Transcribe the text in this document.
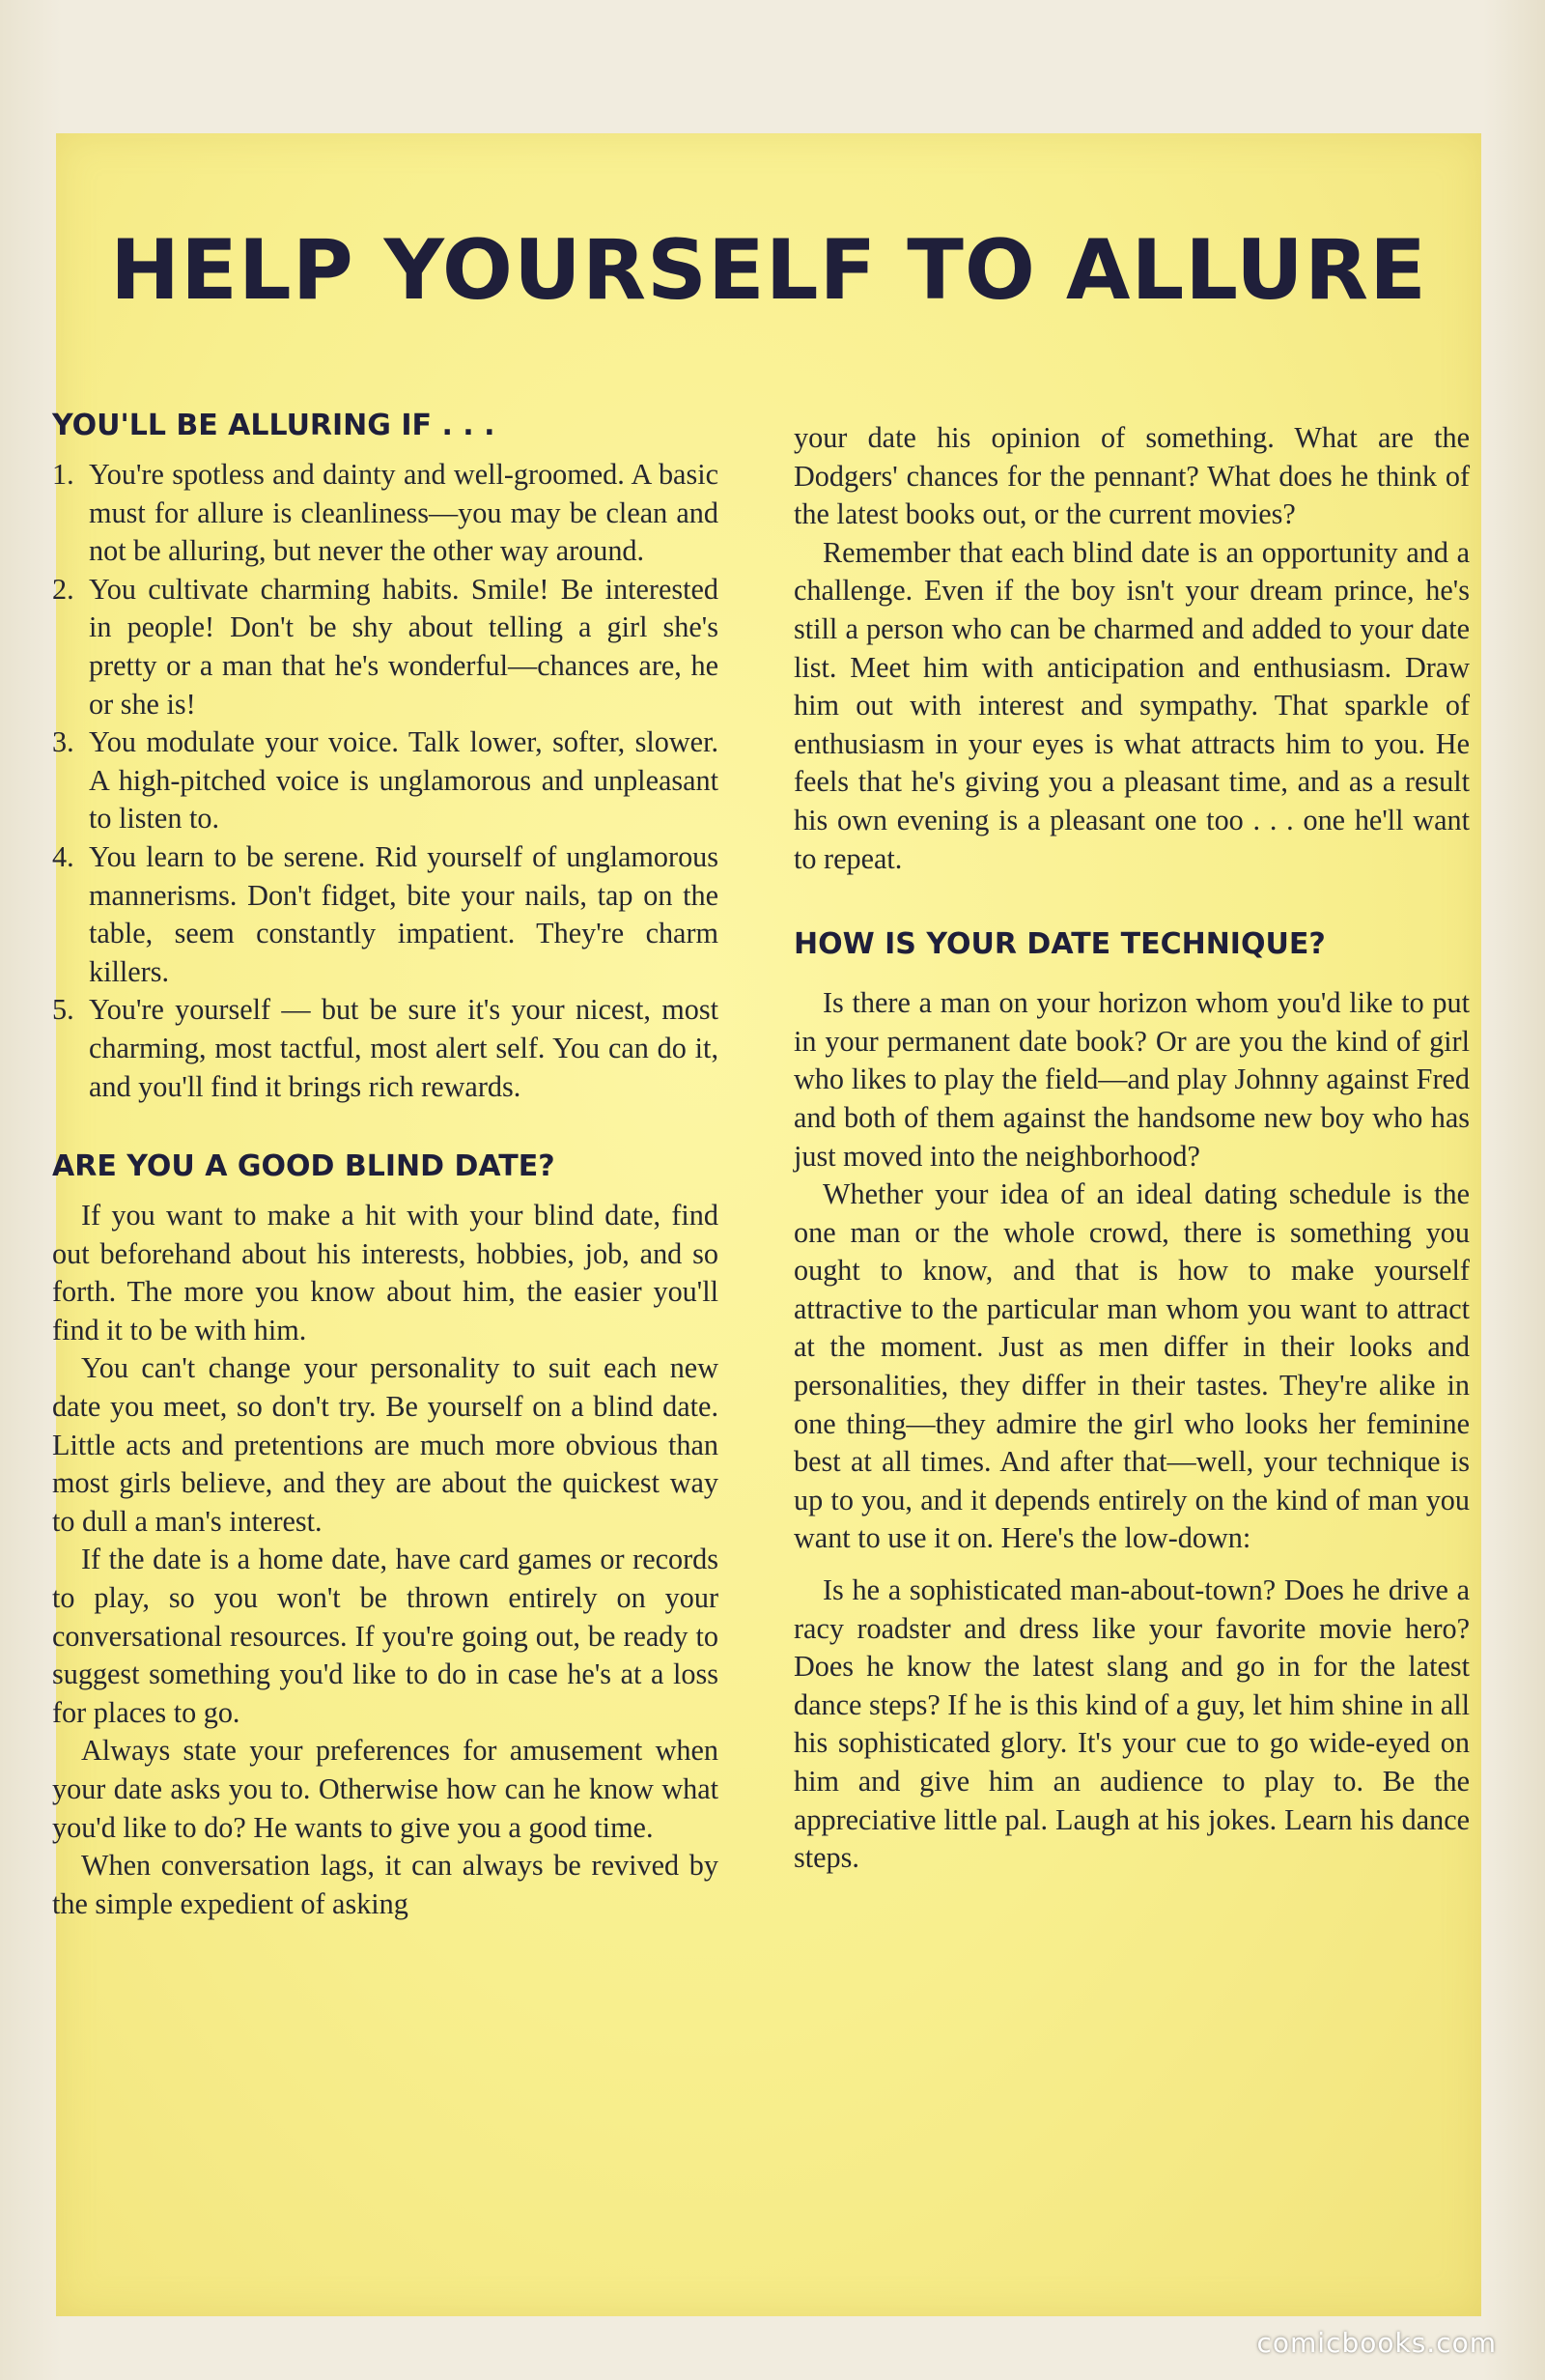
HELP YOURSELF TO ALLURE
YOU'LL BE ALLURING IF . . .

1. You're spotless and dainty and well-groomed. A basic must for allure is cleanliness—you may be clean and not be alluring, but never the other way around.

2. You cultivate charming habits. Smile! Be interested in people! Don't be shy about telling a girl she's pretty or a man that he's wonderful—chances are, he or she is!

3. You modulate your voice. Talk lower, softer, slower. A high-pitched voice is unglamorous and unpleasant to listen to.

4. You learn to be serene. Rid yourself of unglamorous mannerisms. Don't fidget, bite your nails, tap on the table, seem constantly impatient. They're charm killers.

5. You're yourself — but be sure it's your nicest, most charming, most tactful, most alert self. You can do it, and you'll find it brings rich rewards.

ARE YOU A GOOD BLIND DATE?

If you want to make a hit with your blind date, find out beforehand about his interests, hobbies, job, and so forth. The more you know about him, the easier you'll find it to be with him.

You can't change your personality to suit each new date you meet, so don't try. Be yourself on a blind date. Little acts and pretentions are much more obvious than most girls believe, and they are about the quickest way to dull a man's interest.

If the date is a home date, have card games or records to play, so you won't be thrown entirely on your conversational resources. If you're going out, be ready to suggest something you'd like to do in case he's at a loss for places to go.

Always state your preferences for amusement when your date asks you to. Otherwise how can he know what you'd like to do? He wants to give you a good time.

When conversation lags, it can always be revived by the simple expedient of asking

your date his opinion of something. What are the Dodgers' chances for the pennant? What does he think of the latest books out, or the current movies?

Remember that each blind date is an opportunity and a challenge. Even if the boy isn't your dream prince, he's still a person who can be charmed and added to your date list. Meet him with anticipation and enthusiasm. Draw him out with interest and sympathy. That sparkle of enthusiasm in your eyes is what attracts him to you. He feels that he's giving you a pleasant time, and as a result his own evening is a pleasant one too . . . one he'll want to repeat.

HOW IS YOUR DATE TECHNIQUE?

Is there a man on your horizon whom you'd like to put in your permanent date book? Or are you the kind of girl who likes to play the field—and play Johnny against Fred and both of them against the handsome new boy who has just moved into the neighborhood?

Whether your idea of an ideal dating schedule is the one man or the whole crowd, there is something you ought to know, and that is how to make yourself attractive to the particular man whom you want to attract at the moment. Just as men differ in their looks and personalities, they differ in their tastes. They're alike in one thing—they admire the girl who looks her feminine best at all times. And after that—well, your technique is up to you, and it depends entirely on the kind of man you want to use it on. Here's the low-down:

Is he a sophisticated man-about-town? Does he drive a racy roadster and dress like your favorite movie hero? Does he know the latest slang and go in for the latest dance steps? If he is this kind of a guy, let him shine in all his sophisticated glory. It's your cue to go wide-eyed on him and give him an audience to play to. Be the appreciative little pal. Laugh at his jokes. Learn his dance steps.

comicbooks.com
